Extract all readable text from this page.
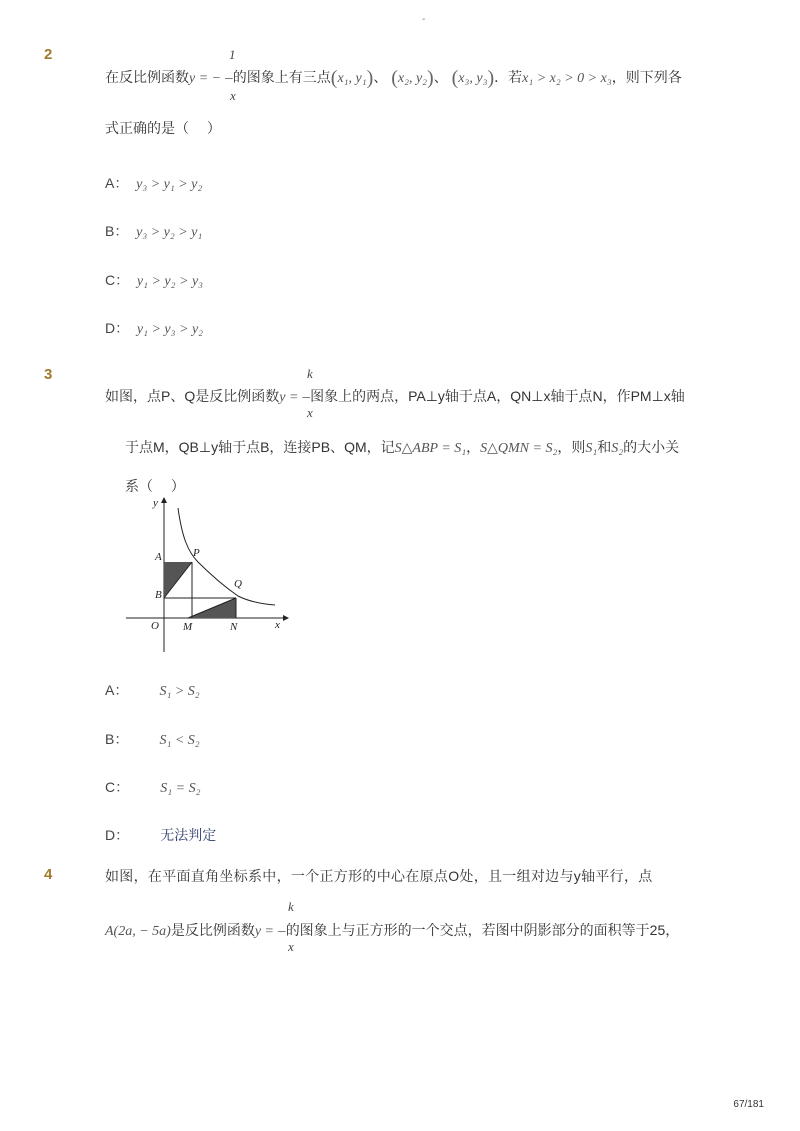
-
2	1
x
在反比例函数y = − –的图象上有三点(x₁, y₁)、 (x₂, y₂)、 (x₃, y₃)．若x₁ > x₂ > 0 > x₃，则下列各
式正确的是（　 ）
A： y₃ > y₁ > y₂
B： y₃ > y₂ > y₁
C： y₁ > y₂ > y₃
D： y₁ > y₃ > y₂
3	k
x
如图，点P、Q是反比例函数y = –图象上的两点，PA⊥y轴于点A，QN⊥x轴于点N，作PM⊥x轴
于点M，QB⊥y轴于点B，连接PB、QM，记S△ABP = S₁，S△QMN = S₂，则S₁和S₂的大小关
系（　 ）
y
x
O
A	P
B
Q
M	N
A： S₁ > S₂
B： S₁ < S₂
C： S₁ = S₂
D： 无法判定
4	如图，在平面直角坐标系中，一个正方形的中心在原点O处，且一组对边与y轴平行，点
k
x
A(2a, − 5a)是反比例函数y = –的图象上与正方形的一个交点，若图中阴影部分的面积等于25，
67/181
